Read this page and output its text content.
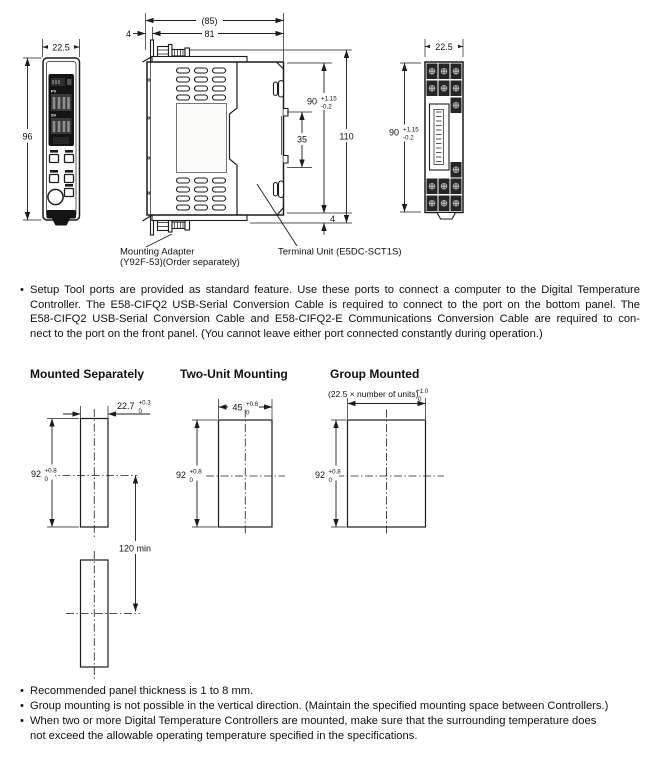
22.5
96
PV
SV
(85)
81
4
90 +1.15
-0.2
110
35
4
22.5
90 +1.15
-0.2
Mounting Adapter
(Y92F-53)(Order separately)
Terminal Unit (E5DC-SCT1S)
• Setup Tool ports are provided as standard feature. Use these ports to connect a computer to the Digital Temperature
Controller. The E58-CIFQ2 USB-Serial Conversion Cable is required to connect to the port on the bottom panel. The
E58-CIFQ2 USB-Serial Conversion Cable and E58-CIFQ2-E Communications Conversion Cable are required to con-
nect to the port on the front panel. (You cannot leave either port connected constantly during operation.)
Mounted Separately	Two-Unit Mounting	Group Mounted
22.7 +0.3
0
92 +0.8
0
120 min
45 +0.6
0
92 +0.8
0
(22.5 × number of units)
+1.0
0
92 +0.8
0
• Recommended panel thickness is 1 to 8 mm.
• Group mounting is not possible in the vertical direction. (Maintain the specified mounting space between Controllers.)
• When two or more Digital Temperature Controllers are mounted, make sure that the surrounding temperature does
not exceed the allowable operating temperature specified in the specifications.
